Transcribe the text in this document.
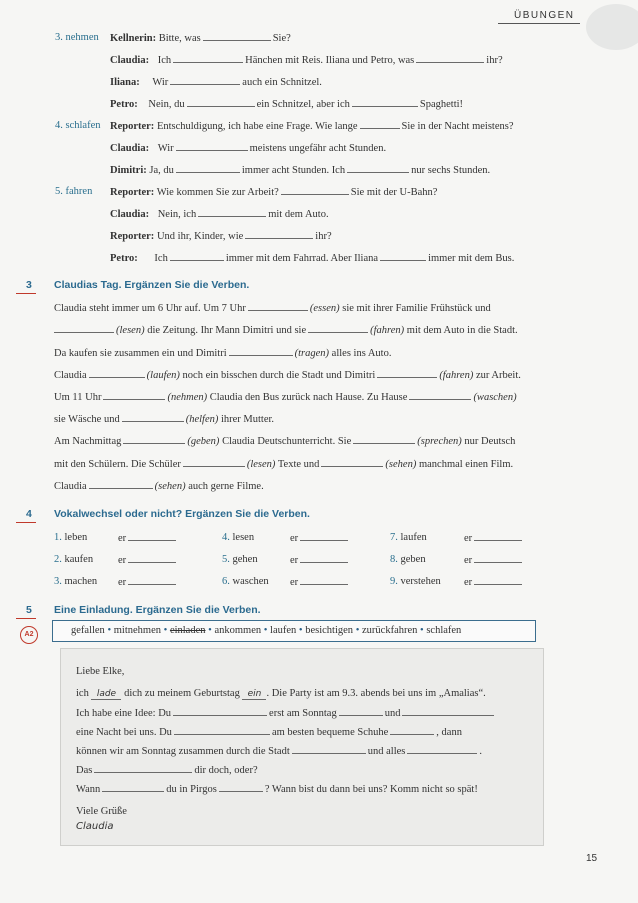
ÜBUNGEN
3. nehmen Kellnerin: Bitte, was	Sie?
Claudia: Ich	Hänchen mit Reis. Iliana und Petro, was	ihr?
Iliana: Wir	auch ein Schnitzel.
Petro: Nein, du	ein Schnitzel, aber ich	Spaghetti!
4. schlafen Reporter: Entschuldigung, ich habe eine Frage. Wie lange	Sie in der Nacht meistens?
Claudia: Wir	meistens ungefähr acht Stunden.
Dimitri: Ja, du	immer acht Stunden. Ich	nur sechs Stunden.
5. fahren Reporter: Wie kommen Sie zur Arbeit?	Sie mit der U-Bahn?
Claudia: Nein, ich	mit dem Auto.
Reporter: Und ihr, Kinder, wie	ihr?
Petro: Ich	immer mit dem Fahrrad. Aber Iliana	immer mit dem Bus.
3 Claudias Tag. Ergänzen Sie die Verben.
Claudia steht immer um 6 Uhr auf. Um 7 Uhr	(essen) sie mit ihrer Familie Frühstück und
(lesen) die Zeitung. Ihr Mann Dimitri und sie	(fahren) mit dem Auto in die Stadt.
Da kaufen sie zusammen ein und Dimitri	(tragen) alles ins Auto.
Claudia	(laufen) noch ein bisschen durch die Stadt und Dimitri	(fahren) zur Arbeit.
Um 11 Uhr	(nehmen) Claudia den Bus zurück nach Hause. Zu Hause	(waschen)
sie Wäsche und	(helfen) ihrer Mutter.
Am Nachmittag	(geben) Claudia Deutschunterricht. Sie	(sprechen) nur Deutsch
mit den Schülern. Die Schüler	(lesen) Texte und	(sehen) manchmal einen Film.
Claudia	(sehen) auch gerne Filme.
4 Vokalwechsel oder nicht? Ergänzen Sie die Verben.
1. leben	er
2. kaufen er
3. machen er
4. lesen	er
5. gehen	er
6. waschen er
7. laufen	er
8. geben	er
9. verstehen er
5 Eine Einladung. Ergänzen Sie die Verben.
A2	gefallen • mitnehmen • einladen • ankommen • laufen • besichtigen • zurückfahren • schlafen
Liebe Elke,
ich lade dich zu meinem Geburtstag ein . Die Party ist am 9.3. abends bei uns im „Amalias“.
Ich habe eine Idee: Du	erst am Sonntag	und
eine Nacht bei uns. Du	am besten bequeme Schuhe	, dann
können wir am Sonntag zusammen durch die Stadt	und alles	.
Das	dir doch, oder?
Wann	du in Pirgos	? Wann bist du dann bei uns? Komm nicht so spät!
Viele Grüße
Claudia
15
